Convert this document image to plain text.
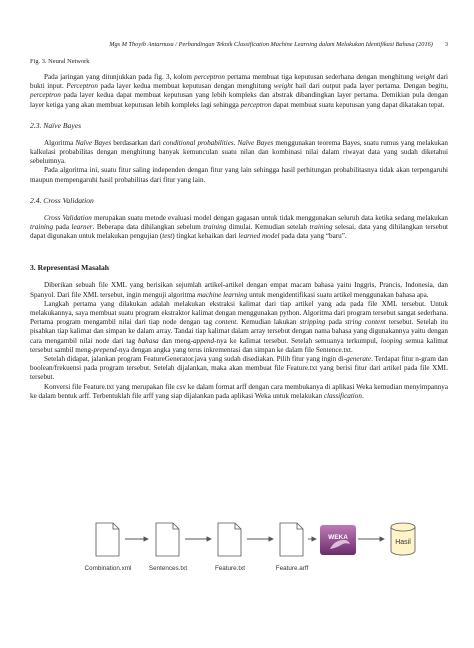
Mgs M Thoyib Antarnusa / Perbandingan Teknik Classification Machine Learning dalam Melakukan Identifikasi Bahasa (2016) 3
Fig. 3. Neural Network

Pada jaringan yang ditunjukkan pada fig. 3, kolom perceptron pertama membuat tiga keputusan sederhana dengan menghitung weight dari bukti input. Perceptron pada layer kedua membuat keputusan dengan menghitung weight hail dari output pada layer pertama. Dengan begitu, perceptron pada layer kedua dapat membuat keputusan yang lebih kompleks dan abstrak dibandingkan layer pertama. Demikian pula dengan layer ketiga yang akan membuat keputusan lebih kompleks lagi sehingga perceptron dapat membuat suatu keputusan yang dapat dikatakan tepat.

2.3. Naïve Bayes

Algoritma Naïve Bayes berdasarkan dari conditional probabilities. Naïve Bayes menggunakan teorema Bayes, suatu rumus yang melakukan kalkulasi probabilitas dengan menghitung banyak kemunculan suatu nilan dan kombinasi nilai dalam riwayat data yang sudah diketahui sebelumnya.

Pada algoritma ini, suatu fitur saling independen dengan fitur yang lain sehingga hasil perhitungan probabilitasnya tidak akan terpengaruhi maupun mempengaruhi hasil probabilitas dari fitur yang lain.

2.4. Cross Validation

Cross Validation merupakan suatu metode evaluasi model dengan gagasan untuk tidak menggunakan seluruh data ketika sedang melakukan training pada learner. Beberapa data dihilangkan sebelum training dimulai. Kemudian setelah training selesai, data yang dihilangkan tersebut dapat digunakan untuk melakukan pengujian (test) tingkat kebaikan dari learned model pada data yang “baru”.

3. Representasi Masalah

Diberikan sebuah file XML yang berisikan sejumlah artikel-artikel dengan empat macam bahasa yaitu Inggris, Prancis, Indonesia, dan Spanyol. Dari file XML tersebut, ingin menguji algoritma machine learning untuk mengidentifikasi suatu artikel menggunakan bahasa apa.

Langkah pertama yang dilakukan adalah melakukan ekstraksi kalimat dari tiap artikel yang ada pada file XML tersebut. Untuk melakukannya, saya membuat suatu program ekstraktor kalimat dengan menggunakan python. Algoritma dari program tersebut sangat sederhana. Pertama program mengambil nilai dari tiap node dengan tag content. Kemudian lakukan stripping pada string content tersebut. Setelah itu pisahkan tiap kalimat dan simpan ke dalam array. Tandai tiap kalimat dalam array tersebut dengan nama bahasa yang digunakannya yaitu dengan cara mengambil nilai node dari tag bahasa dan meng-append-nya ke kalimat tersebut. Setelah semuanya terkumpul, looping semua kalimat tersebut sambil meng-prepend-nya dengan angka yang terus inkrementasi dan simpan ke dalam file Sentence.txt.

Setelah didapat, jalankan program FeatureGenerator.java yang sudah disediakan. Pilih fitur yang ingin di-generate. Terdapat fitur n-gram dan boolean/frekuensi pada program tersebut. Setelah dijalankan, maka akan membuat file Feature.txt yang berisi fitur dari artikel pada file XML tersebut.

Konversi file Feature.txt yang merupakan file csv ke dalam format arff dengan cara membukanya di aplikasi Weka kemudian menyimpannya ke dalam bentuk arff. Terbentuklah file arff yang siap dijalankan pada aplikasi Weka untuk melakukan classification.

Combination.xml	Sentences.txt	Feature.txt	Feature.arff
WEKA
Hasil
